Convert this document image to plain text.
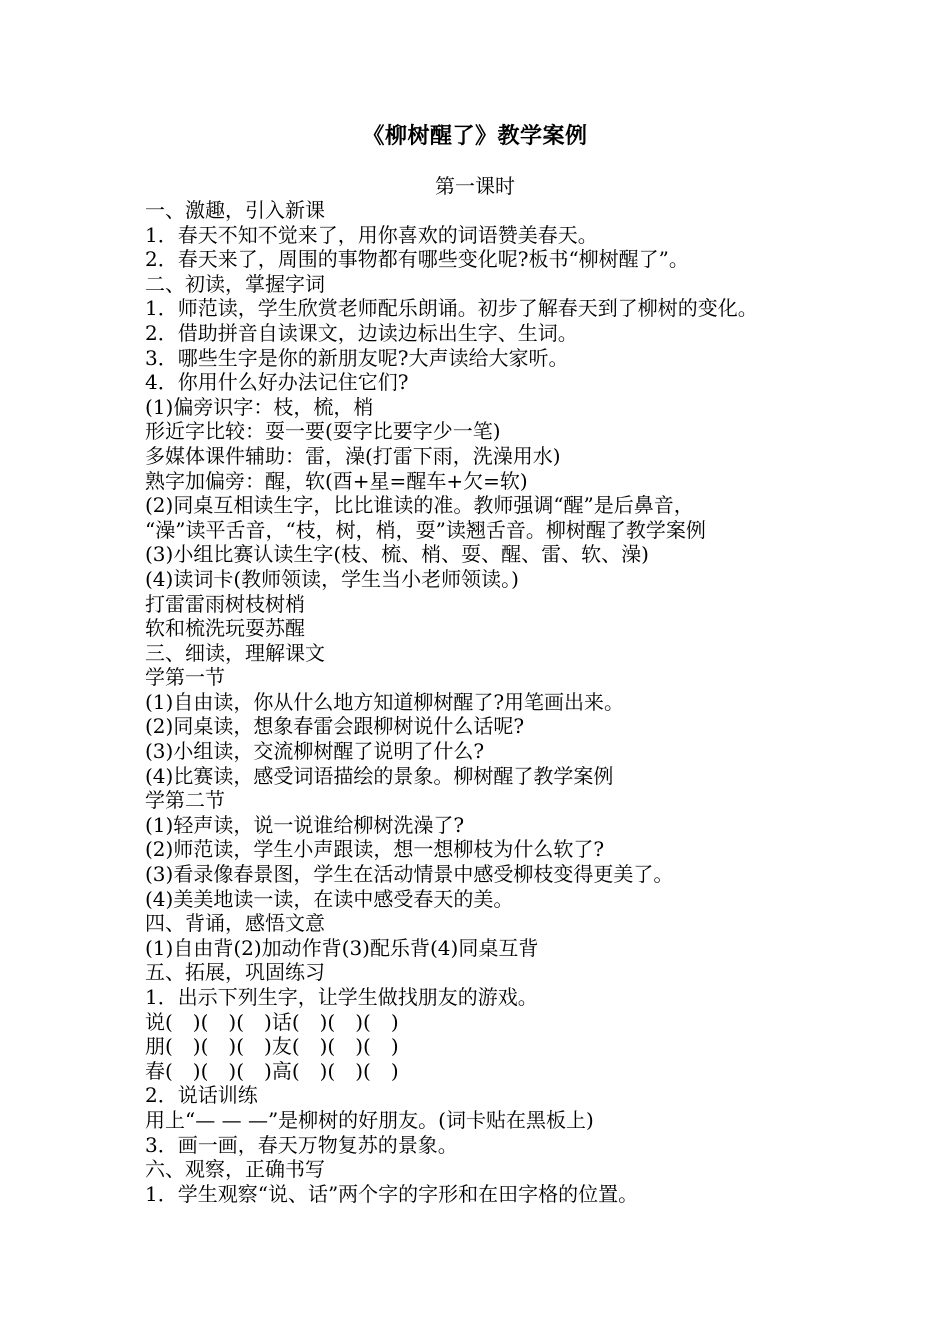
《柳树醒了》教学案例
第一课时

一、激趣，引入新课

1．春天不知不觉来了，用你喜欢的词语赞美春天。

2．春天来了，周围的事物都有哪些变化呢?板书“柳树醒了”。

二、初读，掌握字词

1．师范读，学生欣赏老师配乐朗诵。初步了解春天到了柳树的变化。

2．借助拼音自读课文，边读边标出生字、生词。

3．哪些生字是你的新朋友呢?大声读给大家听。

4．你用什么好办法记住它们?

(1)偏旁识字：枝，梳，梢

形近字比较：耍一要(耍字比要字少一笔)

多媒体课件辅助：雷，澡(打雷下雨，洗澡用水)

熟字加偏旁：醒，软(酉+星=醒车+欠=软)

(2)同桌互相读生字，比比谁读的准。教师强调“醒”是后鼻音，

“澡”读平舌音，“枝，树，梢，耍”读翘舌音。柳树醒了教学案例

(3)小组比赛认读生字(枝、梳、梢、耍、醒、雷、软、澡)

(4)读词卡(教师领读，学生当小老师领读。)

打雷雷雨树枝树梢

软和梳洗玩耍苏醒

三、细读，理解课文

学第一节

(1)自由读，你从什么地方知道柳树醒了?用笔画出来。

(2)同桌读，想象春雷会跟柳树说什么话呢?

(3)小组读，交流柳树醒了说明了什么?

(4)比赛读，感受词语描绘的景象。柳树醒了教学案例

学第二节

(1)轻声读，说一说谁给柳树洗澡了?

(2)师范读，学生小声跟读，想一想柳枝为什么软了?

(3)看录像春景图，学生在活动情景中感受柳枝变得更美了。

(4)美美地读一读，在读中感受春天的美。

四、背诵，感悟文意

(1)自由背(2)加动作背(3)配乐背(4)同桌互背

五、拓展，巩固练习

1．出示下列生字，让学生做找朋友的游戏。

说(　)(　)(　)话(　)(　)(　)

朋(　)(　)(　)友(　)(　)(　)

春(　)(　)(　)高(　)(　)(　)

2．说话训练

用上“— — —”是柳树的好朋友。(词卡贴在黑板上)

3．画一画，春天万物复苏的景象。

六、观察，正确书写

1．学生观察“说、话”两个字的字形和在田字格的位置。
